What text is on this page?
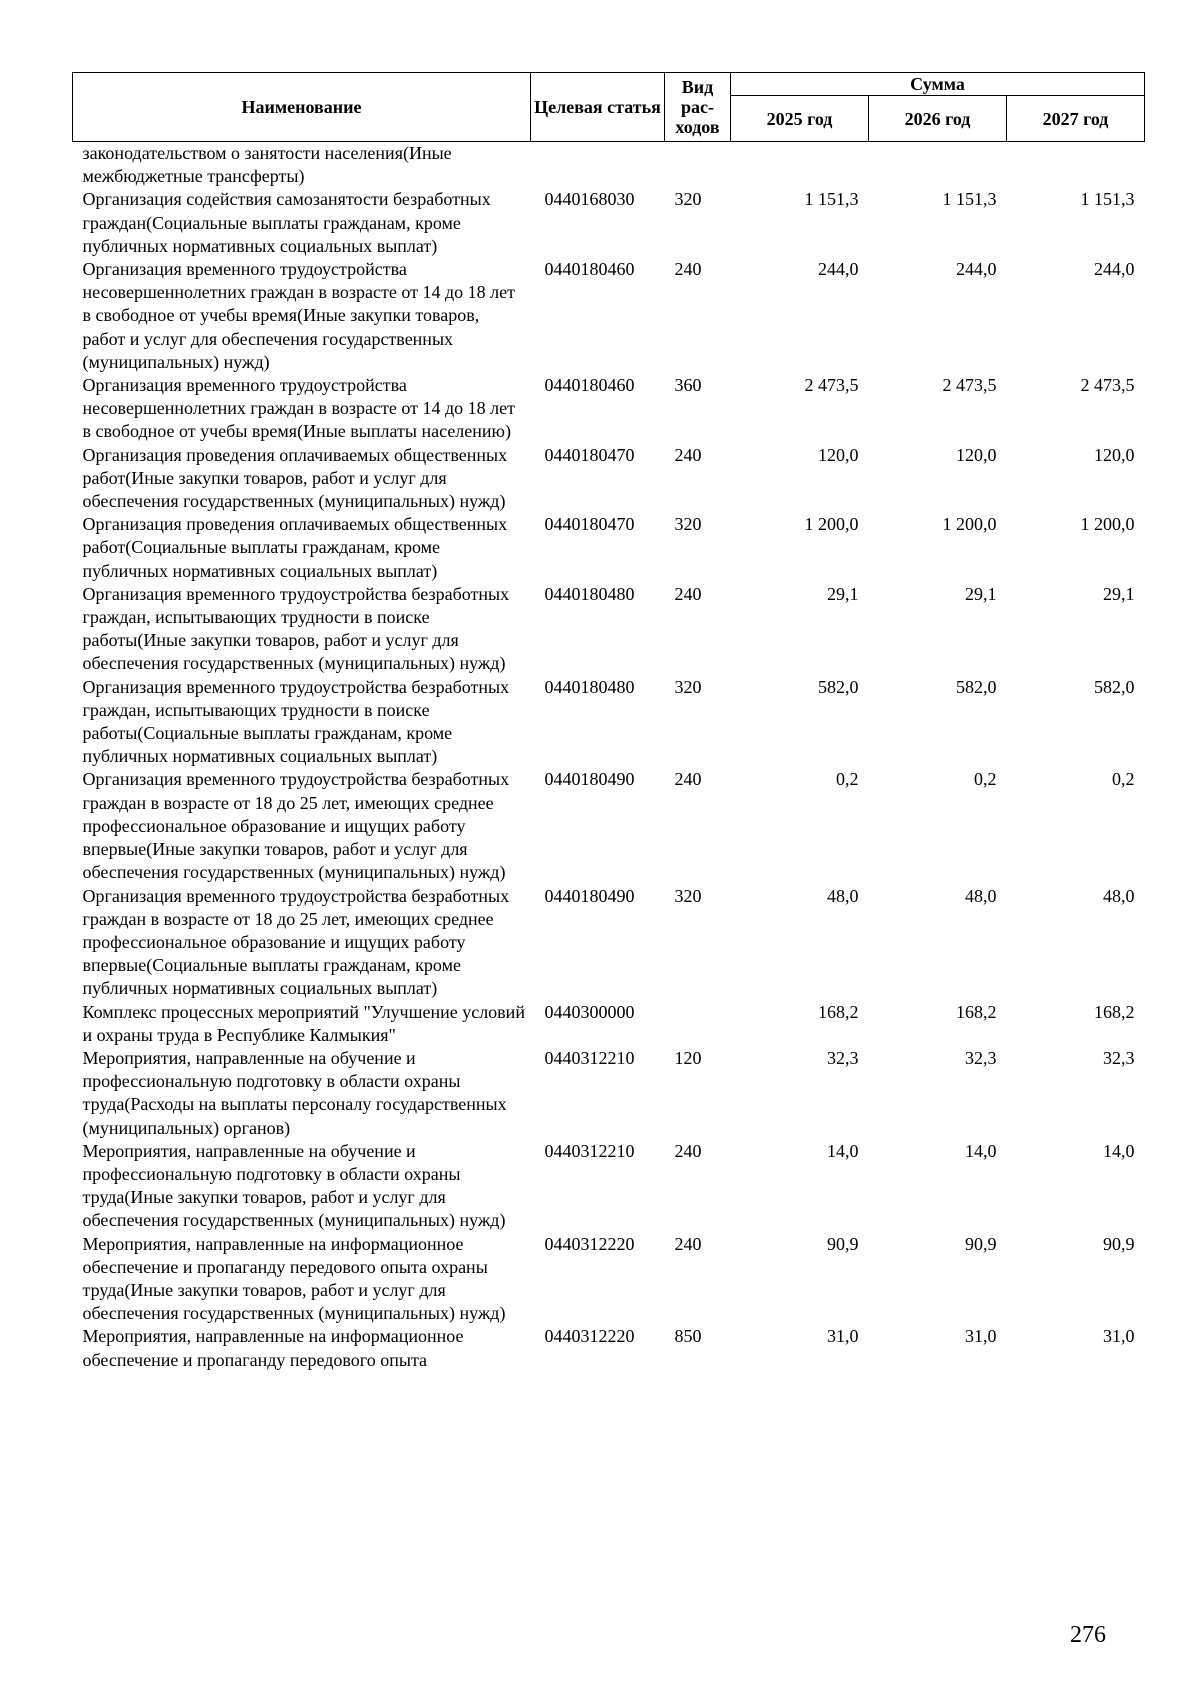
Наименование	Целевая статья	Вид рас-ходов	Сумма		
			2025 год	2026 год	2027 год
законодательством о занятости населения(Иные межбюджетные трансферты)					
Организация содействия самозанятости безработных граждан(Социальные выплаты гражданам, кроме публичных нормативных социальных выплат)	0440168030	320	1 151,3	1 151,3	1 151,3
Организация временного трудоустройства несовершеннолетних граждан в возрасте от 14 до 18 лет в свободное от учебы время(Иные закупки товаров, работ и услуг для обеспечения государственных (муниципальных) нужд)	0440180460	240	244,0	244,0	244,0
Организация временного трудоустройства несовершеннолетних граждан в возрасте от 14 до 18 лет в свободное от учебы время(Иные выплаты населению)	0440180460	360	2 473,5	2 473,5	2 473,5
Организация проведения оплачиваемых общественных работ(Иные закупки товаров, работ и услуг для обеспечения государственных (муниципальных) нужд)	0440180470	240	120,0	120,0	120,0
Организация проведения оплачиваемых общественных работ(Социальные выплаты гражданам, кроме публичных нормативных социальных выплат)	0440180470	320	1 200,0	1 200,0	1 200,0
Организация временного трудоустройства безработных граждан, испытывающих трудности в поиске работы(Иные закупки товаров, работ и услуг для обеспечения государственных (муниципальных) нужд)	0440180480	240	29,1	29,1	29,1
Организация временного трудоустройства безработных граждан, испытывающих трудности в поиске работы(Социальные выплаты гражданам, кроме публичных нормативных социальных выплат)	0440180480	320	582,0	582,0	582,0
Организация временного трудоустройства безработных граждан в возрасте от 18 до 25 лет, имеющих среднее профессиональное образование и ищущих работу впервые(Иные закупки товаров, работ и услуг для обеспечения государственных (муниципальных) нужд)	0440180490	240	0,2	0,2	0,2
Организация временного трудоустройства безработных граждан в возрасте от 18 до 25 лет, имеющих среднее профессиональное образование и ищущих работу впервые(Социальные выплаты гражданам, кроме публичных нормативных социальных выплат)	0440180490	320	48,0	48,0	48,0
Комплекс процессных мероприятий "Улучшение условий и охраны труда в Республике Калмыкия"	0440300000		168,2	168,2	168,2
Мероприятия, направленные на обучение и профессиональную подготовку в области охраны труда(Расходы на выплаты персоналу государственных (муниципальных) органов)	0440312210	120	32,3	32,3	32,3
Мероприятия, направленные на обучение и профессиональную подготовку в области охраны труда(Иные закупки товаров, работ и услуг для обеспечения государственных (муниципальных) нужд)	0440312210	240	14,0	14,0	14,0
Мероприятия, направленные на информационное обеспечение и пропаганду передового опыта охраны труда(Иные закупки товаров, работ и услуг для обеспечения государственных (муниципальных) нужд)	0440312220	240	90,9	90,9	90,9
Мероприятия, направленные на информационное обеспечение и пропаганду передового опыта	0440312220	850	31,0	31,0	31,0
276
